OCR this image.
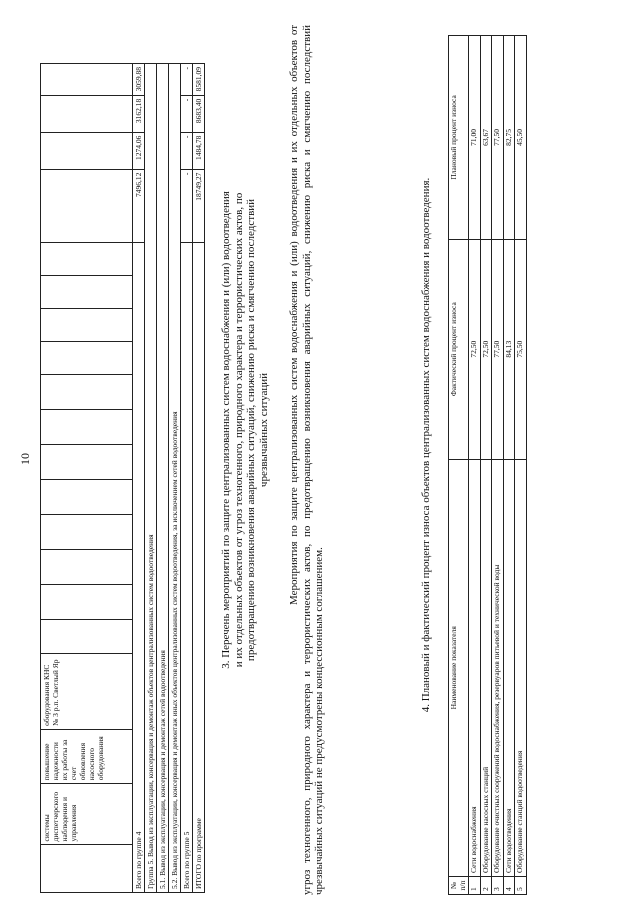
10
	системы диспетчерского наблюдения и управления	повышение надежности их работы за счет обновления насосного оборудования	оборудования КНС № 3 р.п. Светлый Яр																
Всего по группе 4																7496,12	1274,06	3162,18	3059,88
Группа 5. Вывод из эксплуатации, консервация и демонтаж объектов централизованных систем водоотведения																			
5.1. Вывод из эксплуатации, консервация и демонтаж сетей водоотведения																			
5.2. Вывод из эксплуатации, консервация и демонтаж иных объектов централизованных систем водоотведения, за исключением сетей водоотведения																			
Всего по группе 5																-	-	-	-
ИТОГО по программе																18749,27	1484,78	8683,40	8581,09
3. Перечень мероприятий по защите централизованных систем водоснабжения и (или) водоотведения и их отдельных объектов от угроз техногенного, природного характера и террористических актов, по предотвращению возникновения аварийных ситуаций, снижению риска и смягчению последствий чрезвычайных ситуаций Мероприятия по защите централизованных систем водоснабжения и (или) водоотведения и их отдельных объектов от угроз техногенного, природного характера и террористических актов, по предотвращению возникновения аварийных ситуаций, снижению риска и смягчению последствий чрезвычайных ситуаций не предусмотрены концессионным соглашением.
4. Плановый и фактический процент износа объектов централизованных систем водоснабжения и водоотведения.
№ п/п	Наименование показателя	Фактический процент износа	Плановый процент износа
1	Сети водоснабжения	72,50	71,00
2	Оборудование насосных станций	72,50	63,67
3	Оборудование очистных сооружений водоснабжения, резервуаров питьевой и технической воды	77,50	77,50
4	Сети водоотведения	84,13	82,75
5	Оборудование станций водоотведения	75,50	45,50
